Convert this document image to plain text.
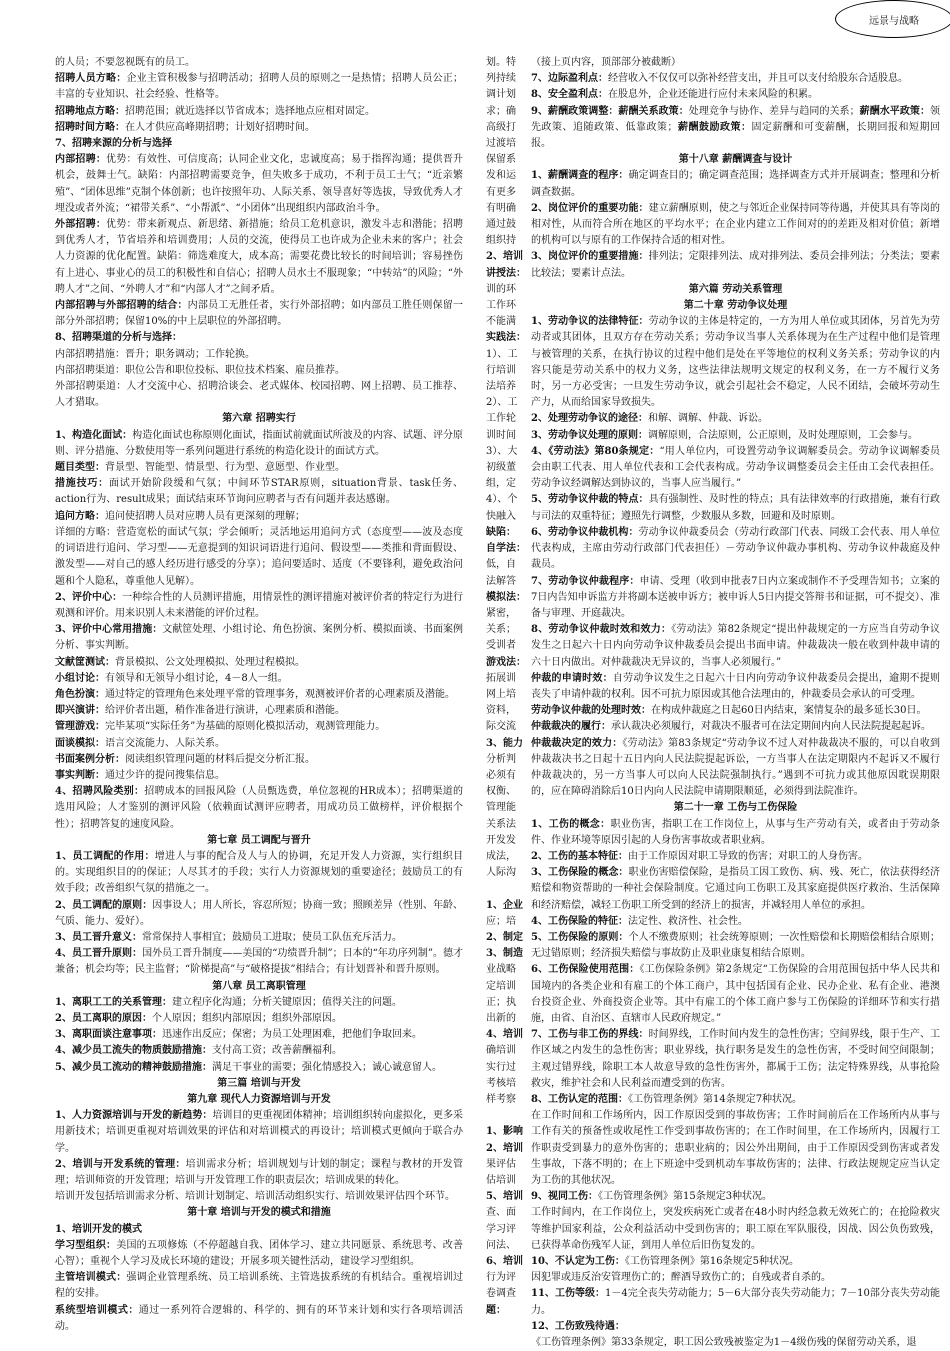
远景与战略

的人员；不要忽视既有的员工。

招聘人员方略：企业主管积极参与招聘活动；招聘人员的原则之一是热情；招聘人员公正；丰富的专业知识、社会经验、性格等。

招聘地点方略：招聘范围；就近选择以节省成本；选择地点应相对固定。

招聘时间方略：在人才供应高峰期招聘；计划好招聘时间。

7、招聘来源的分析与选择

内部招聘：优势：有效性、可信度高；认同企业文化，忠诚度高；易于指挥沟通；提供晋升机会，鼓舞士气。缺陷：内部招聘需要竞争，但失败多于成功，不利于员工士气；“近亲繁殖”、“团体思维”克制个体创新；也许按照年功、人际关系、领导喜好等选拔，导致优秀人才埋没或者外流；“裙带关系”、“小帮派”、“小团体”出现组织内部政治斗争。

外部招聘：优势：带来新观点、新思绪、新措施；给员工危机意识，激发斗志和潜能；招聘到优秀人才，节省培养和培训费用；人员的交流，使得员工也许成为企业未来的客户；社会人力资源的优化配置。缺陷：筛选难度大，成本高；需要花费比较长的时间培训；容易挫伤有上进心、事业心的员工的积极性和自信心；招聘人员水土不服现象；“中转站”的风险；“外聘人才”之间、“外聘人才”和“内部人才”之间矛盾。

内部招聘与外部招聘的结合：内部员工无胜任者，实行外部招聘；如内部员工胜任则保留一部分外部招聘；保留10%的中上层职位的外部招聘。

8、招聘渠道的分析与选择：

内部招聘措施：晋升；职务调动；工作轮换。

内部招聘渠道：职位公告和职位投标、职位技术档案、雇员推荐。

外部招聘渠道：人才交流中心、招聘洽谈会、老式媒体、校园招聘、网上招聘、员工推荐、人才猎取。

第六章 招聘实行

1、构造化面试：构造化面试也称原则化面试，指面试前就面试所波及的内容、试题、评分原则、评分措施、分数使用等一系列问题进行系统的构造化设计的面试方式。

题目类型：背景型、智能型、情景型、行为型、意愿型、作业型。

措施技巧：面试开始阶段缓和气氛；中间环节STAR原则，situation背景、task任务、action行为、result成果；面试结束环节询问应聘者与否有问题并表达感谢。

追问方略：追问使招聘人员对应聘人员有更深刻的理解；

详细的方略：营造宽松的面试气氛；学会倾听；灵活地运用追问方式（态度型——波及态度的词语进行追问、学习型——无意提到的知识词语进行追问、假设型——类推和背面假设、激发型——对自己的感人经历进行感受的分享）；追问要适时、适度（不要锋利，避免政治问题和个人隐私，尊重他人见解）。

2、评价中心：一种综合性的人员测评措施，用情景性的测评措施对被评价者的特定行为进行观测和评价。用来识别人未来潜能的评价过程。

3、评价中心常用措施：文献筐处理、小组讨论、角色扮演、案例分析、模拟面谈、书面案例分析、事实判断。

文献筐测试：背景模拟、公文处理模拟、处理过程模拟。

小组讨论：有领导和无领导小组讨论，4－8人一组。

角色扮演：通过特定的管理角色来处理平常的管理事务，观测被评价者的心理素质及潜能。

即兴演讲：给评价者出题，稍作准备进行演讲，心理素质和潜能。

管理游戏：完毕某项“实际任务”为基础的原则化模拟活动，观测管理能力。

面谈模拟：语言交流能力、人际关系。

书面案例分析：阅读组织管理问题的材料后提交分析汇报。

事实判断：通过少许的提问搜集信息。

4、招聘风险类别：招聘成本的回报风险（人员甄选费，单位忽视的HR成本）；招聘渠道的选用风险；人才鉴别的测评风险（依赖面试测评应聘者，用成功员工做榜样，评价根据个性）；招聘答复的速度风险。

第七章 员工调配与晋升

1、员工调配的作用：增进人与事的配合及人与人的协调，充足开发人力资源，实行组织目的。实现组织目的的保证；人尽其才的手段；实行人力资源规划的重要途径；鼓励员工的有效手段；改善组织气氛的措施之一。

2、员工调配的原则：因事设人；用人所长，容忍所短；协商一致；照顾差异（性别、年龄、气质、能力、爱好）。

3、员工晋升意义：常常保持人事相宜；鼓励员工进取；使员工队伍充斥活力。

4、员工晋升原则：国外员工晋升制度——美国的“功绩晋升制”；日本的“年功序列制”。德才兼备；机会均等；民主监督；“阶梯提高”与“破格提拔”相结合；有计划晋补和晋升原则。

第八章 员工离职管理

1、离职工工的关系管理：建立程序化沟通；分析关键原因；值得关注的问题。

2、员工离职的原因：个人原因；组织内部原因；组织外部原因。

3、离职面谈注意事项：迅速作出反应；保密；为员工处理困难，把他们争取回来。

4、减少员工流失的物质鼓励措施：支付高工资；改善薪酬福利。

5、减少员工流动的精神鼓励措施：满足干事业的需要；强化情感投入；诚心诚意留人。

第三篇 培训与开发

第九章 现代人力资源培训与开发

1、人力资源培训与开发的新趋势：培训目的更重视团体精神；培训组织转向虚拟化，更多采用新技术；培训更重视对培训效果的评估和对培训模式的再设计；培训模式更倾向于联合办学。

2、培训与开发系统的管理：培训需求分析；培训规划与计划的制定；课程与教材的开发管理；培训师资的开发管理；培训与开发管理工作的职责层次；培训成果的转化。

培训开发包括培训需求分析、培训计划制定、培训活动组织实行、培训效果评估四个环节。

第十章 培训与开发的模式和措施

1、培训开发的模式

学习型组织：美国的五项修炼（不停超越自我、团体学习、建立共同愿景、系统思考、改善心智）；重视个人学习及成长环境的建设；开展多项关键性活动，建设学习型组织。

主管培训模式：强调企业管理系统、员工培训系统、主管选拔系统的有机结合。重视培训过程的安排。

系统型培训模式：通过一系列符合逻辑的、科学的、拥有的环节来计划和实行各项培训活动。

划。特

列持续

调计划

求；确

高级打

过渡培

保留系

发和运

有更多

有明确

通过鼓

组织持

2、培训

讲授法：

训的环

工作环

不能满

实践法：

1）、工

行培训

法培养

2）、工

工作轮

训时间

3）、大

初级董

组，定

4）、个

快融入

缺陷：

自学法：

低，自

法解答

模拟法：

紧密，

关系；

受训者

游戏法：

拓展训

网上培

资料，

际交流

3、能力

分析判

必须有

权衡、

管理能

关系法

开发发

成法，

人际沟

1、企业

应；培

2、制定

3、制造

业战略

定培训

正；执

出新的

4、培训

确培训

实行过

考核培

样考察

1、影响

2、培训

果评估

估培训

5、培训

查、面

学习评

问法、

6、培训

行为评

卷调查

题：

（接上页内容，顶部部分被截断）

7、边际盈利点：经营收入不仅仅可以弥补经营支出，并且可以支付给股东合适股息。

8、安全盈利点：在股息外，企业还能进行应付未来风险的积累。

9、薪酬政策调整：薪酬关系政策：处理竞争与协作、差异与趋同的关系；薪酬水平政策：领先政策、追随政策、低靠政策；薪酬鼓励政策：固定薪酬和可变薪酬，长期回报和短期回报。

第十八章 薪酬调查与设计

1、薪酬调查的程序：确定调查目的；确定调查范围；选择调查方式并开展调查；整理和分析调查数据。

2、岗位评价的重要功能：建立薪酬原则，使之与邻近企业保持同等待遇，并使其具有等岗的相对性，从而符合所在地区的平均水平；在企业内建立工作间对的的差距及相对价值；新增的机构可以与原有的工作保持合适的相对性。

3、岗位评价的重要措施：排列法；定限排列法、成对排列法、委员会排列法；分类法；要素比较法；要素计点法。

第六篇 劳动关系管理

第二十章 劳动争议处理

1、劳动争议的法律特征：劳动争议的主体是特定的，一方为用人单位或其团体，另首先为劳动者或其团体，且双方存在劳动关系；劳动争议当事人关系体现为在生产过程中他们是管理与被管理的关系，在执行协议的过程中他们是处在平等地位的权利义务关系；劳动争议的内容只能是劳动关系中的权力义务，这些法律法规明文规定的权利义务，在一方不履行义务时，另一方必受害；一旦发生劳动争议，就会引起社会不稳定，人民不团结，会破坏劳动生产力，从而给国家导致损失。

2、处理劳动争议的途径：和解、调解、仲裁、诉讼。

3、劳动争议处理的原则：调解原则，合法原则，公正原则，及时处理原则，工会参与。

4、《劳动法》第80条规定：“用人单位内，可设置劳动争议调解委员会。劳动争议调解委员会由职工代表、用人单位代表和工会代表构成。劳动争议调整委员会主任由工会代表担任。劳动争议经调解达到协议的，当事人应当履行。”

5、劳动争议仲裁的特点：具有强制性、及时性的特点；具有法律效率的行政措施，兼有行政与司法的双重特征；遵照先行调整，少数服从多数，回避和及时原则。

6、劳动争议仲裁机构：劳动争议仲裁委员会（劳动行政部门代表、同级工会代表、用人单位代表构成，主席由劳动行政部门代表担任）－劳动争议仲裁办事机构、劳动争议仲裁庭及仲裁员。

7、劳动争议仲裁程序：申请、受理（收到申批表7日内立案或制作不予受理告知书；立案的7日内告知申诉监方并将副本送被申诉方；被申诉人5日内提交答辩书和证据，可不提交）、准备与审理、开庭裁决。

8、劳动争议仲裁时效和效力：《劳动法》第82条规定“提出仲裁规定的一方应当自劳动争议发生之日起六十日内向劳动争议仲裁委员会提出书面申请。仲裁裁决一般在收到仲裁申请的六十日内做出。对仲裁裁决无异议的，当事人必须履行。”

仲裁的申请时效：自劳动争议发生之日起六十日内向劳动争议仲裁委员会提出，逾期不提则丧失了申请仲裁的权利。因不可抗力原因或其他合法理由的，仲裁委员会承认的可受理。

劳动争议仲裁的处理时效：在构成仲裁庭之日起60日内结束，案情复杂的最多延长30日。

仲裁裁决的履行：承认裁决必须履行，对裁决不服者可在法定期间内向人民法院提起起诉。

仲裁裁决定的效力：《劳动法》第83条规定“劳动争议不过人对仲裁裁决不服的，可以自收到仲裁裁决书之日起十五日内向人民法院提起诉讼，一方当事人在法定期限内不起诉又不履行仲裁裁决的，另一方当事人可以向人民法院强制执行。”遇到不可抗力或其他原因耽误期限的，应在障碍消除后10日内向人民法院申请期限顺延，必须得到法院准许。

第二十一章 工伤与工伤保险

1、工伤的概念：职业伤害，指职工在工作岗位上，从事与生产劳动有关，或者由于劳动条件、作业环境等原因引起的人身伤害事故或者职业病。

2、工伤的基本特征：由于工作原因对职工导致的伤害；对职工的人身伤害。

3、工伤保险的概念：职业伤害赔偿保险，是指员工因工致伤、病、残、死亡，依法获得经济赔偿和物资帮助的一种社会保险制度。它通过向工伤职工及其家庭提供医疗救治、生活保障和经济赔偿，减轻工伤职工所受到的经济上的损害，并减轻用人单位的承担。

4、工伤保险的特征：法定性、救济性、社会性。

5、工伤保险的原则：个人不缴费原则；社会统筹原则；一次性赔偿和长期赔偿相结合原则；无过错原则；经济损失赔偿与事故防止及职业康复相结合原则。

6、工伤保险使用范围：《工伤保险条例》第2条规定“工伤保险的合用范围包括中华人民共和国境内的各类企业和有雇工的个体工商户，其中包括国有企业、民办企业、私有企业、港澳台投资企业、外商投资企业等。其中有雇工的个体工商户参与工伤保险的详细环节和实行措施，由省、自治区、直辖市人民政府规定。”

7、工伤与非工伤的界线：时间界线，工作时间内发生的急性伤害；空间界线，限于生产、工作区域之内发生的急性伤害；职业界线，执行职务是发生的急性伤害，不受时间空间限制；主观过错界线，除职工本人故意导致的急性伤害外，都属于工伤；法定特殊界线，从事抢险救灾，维护社会和人民利益而遭受到的伤害。

8、工伤认定的范围：《工伤管理条例》第14条规定7种状况。

在工作时间和工作场所内，因工作原因受到的事故伤害；工作时间前后在工作场所内从事与工作有关的预备性或收尾性工作受到事故伤害的；在工作时间里，在工作场所内，因履行工作职责受到暴力的意外伤害的；患职业病的；因公外出期间，由于工作原因受到伤害或者发生事故，下落不明的；在上下班途中受到机动车事故伤害的；法律、行政法规规定应当认定为工伤的其他状况。

9、视同工伤：《工伤管理条例》第15条规定3种状况。

工作时间内，在工作岗位上，突发疾病死亡或者在48小时内经急救无效死亡的；在抢险救灾等维护国家利益，公众利益活动中受到伤害的；职工原在军队服役，因战、因公负伤致残，已获得革命伤残军人证，到用人单位后旧伤复发的。

10、不认定为工伤：《工伤管理条例》第16条规定5种状况。

因犯罪或违反治安管理伤亡的；醉酒导致伤亡的；自残或者自杀的。

11、工伤等级：1－4完全丧失劳动能力；5－6大部分丧失劳动能力；7－10部分丧失劳动能力。

12、工伤致残待遇：

《工伤管理条例》第33条规定，职工因公致残被鉴定为1－4级伤残的保留劳动关系，退
